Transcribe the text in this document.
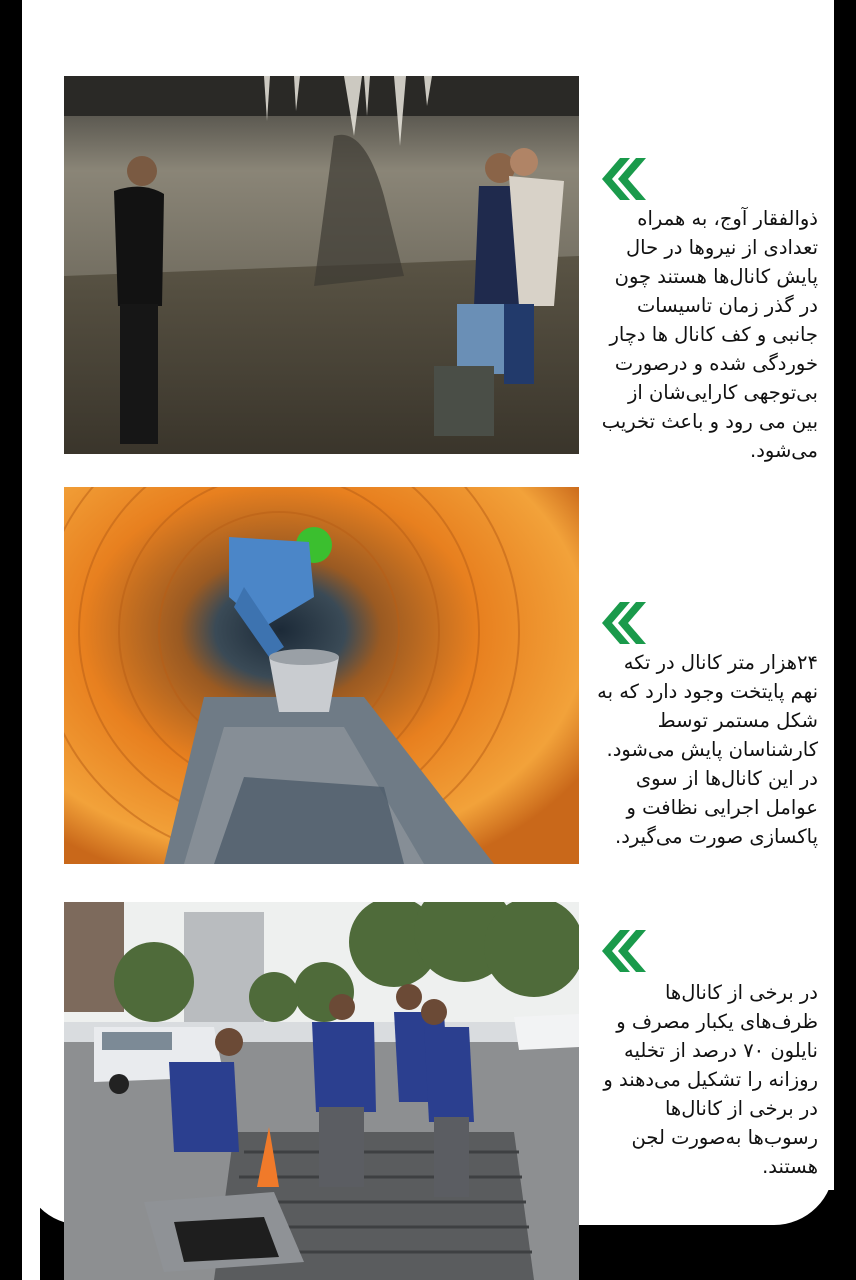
ذوالفقار آوج، به همراه تعدادی از نیروها در حال پایش کانال‌ها هستند چون در گذر زمان تاسیسات جانبی و کف کانال ها دچار خوردگی شده و درصورت بی‌توجهی کارایی‌شان از بین می رود و باعث تخریب می‌شود.

۲۴هزار متر کانال در تکه نهم پایتخت وجود دارد که به شکل مستمر توسط کارشناسان پایش می‌شود. در این کانال‌ها از سوی عوامل اجرایی نظافت و پاکسازی صورت می‌گیرد.

در برخی از کانال‌ها ظرف‌های یکبار مصرف و نایلون ۷۰ درصد از تخلیه روزانه را تشکیل می‌دهند و در برخی از کانال‌ها رسوب‌ها به‌صورت لجن هستند.
